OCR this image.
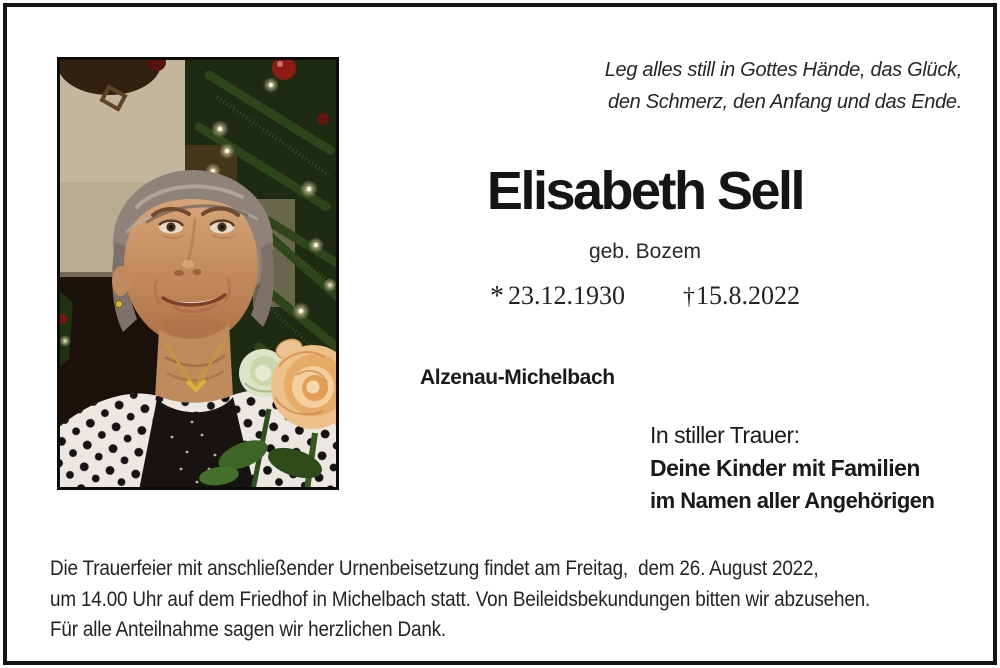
Leg alles still in Gottes Hände, das Glück,
den Schmerz, den Anfang und das Ende.
Elisabeth Sell
geb. Bozem
* 23.12.1930 †15.8.2022
Alzenau-Michelbach
In stiller Trauer:
Deine Kinder mit Familien
im Namen aller Angehörigen
Die Trauerfeier mit anschließender Urnenbeisetzung findet am Freitag,  dem 26. August 2022,
um 14.00 Uhr auf dem Friedhof in Michelbach statt. Von Beileidsbekundungen bitten wir abzusehen.
Für alle Anteilnahme sagen wir herzlichen Dank.
